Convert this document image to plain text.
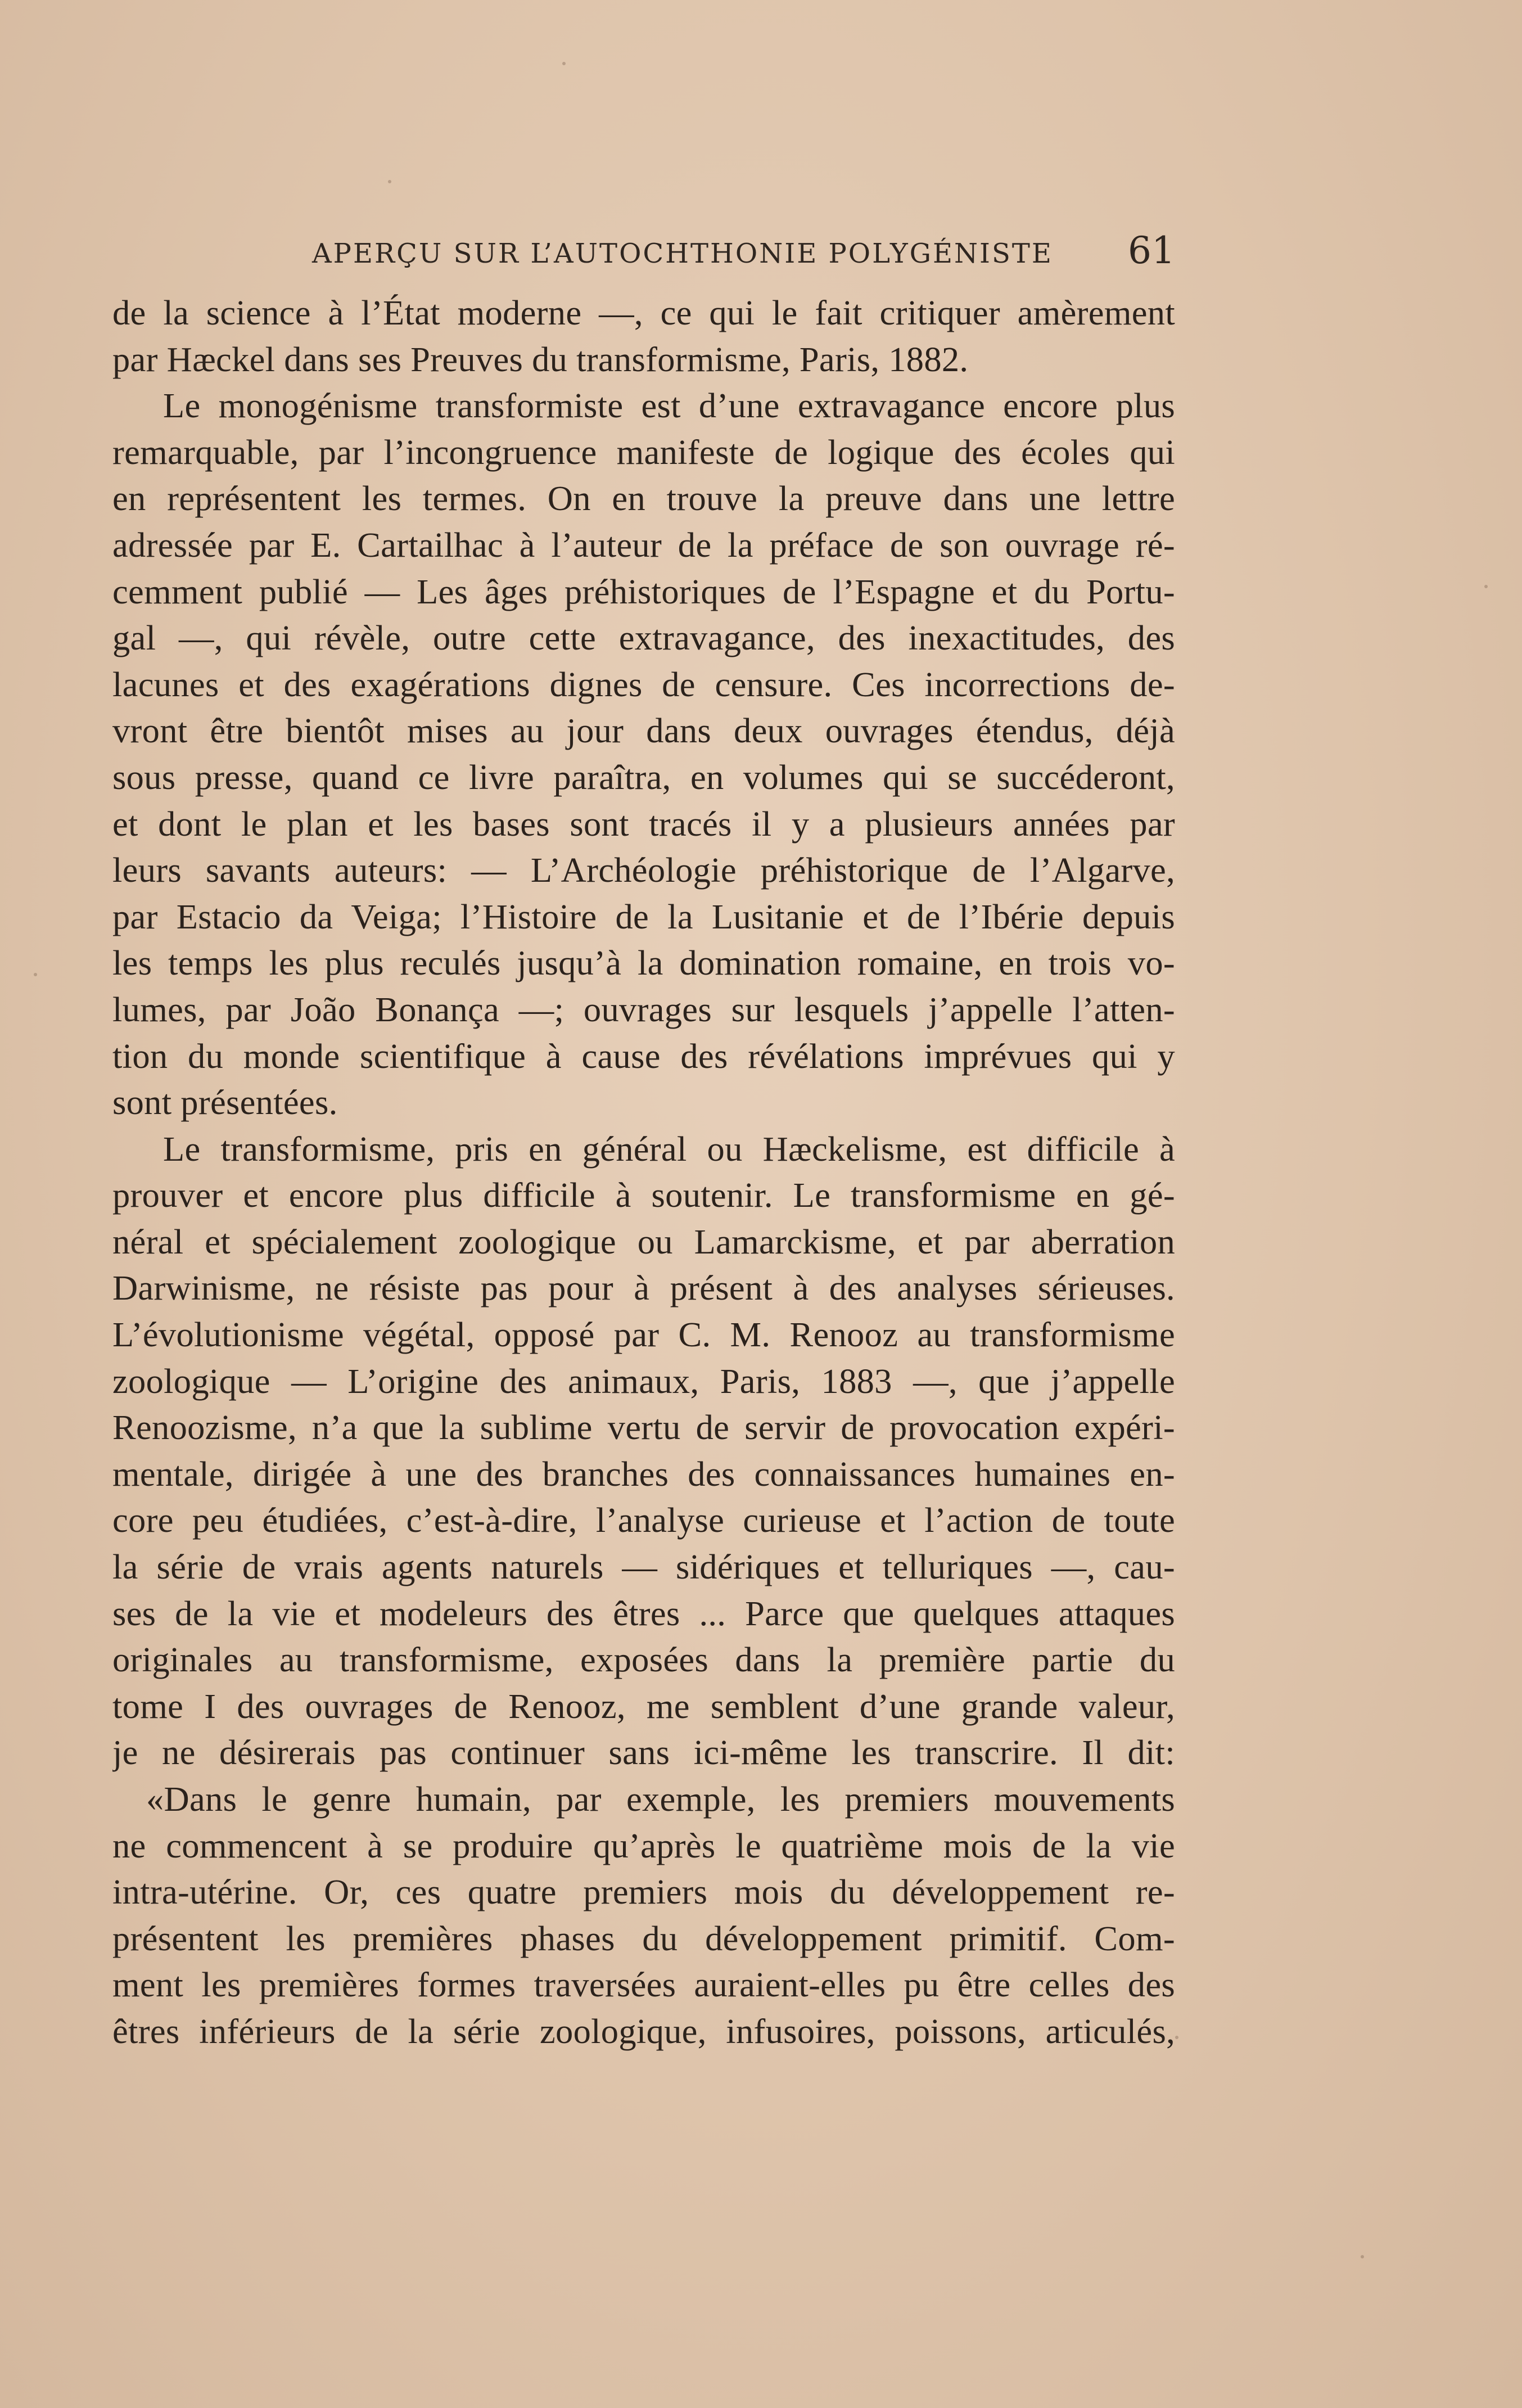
APERÇU SUR L’AUTOCHTHONIE POLYGÉNISTE 61
de la science à l’État moderne —, ce qui le fait critiquer amèrement
par Hæckel dans ses Preuves du transformisme, Paris, 1882.
Le monogénisme transformiste est d’une extravagance encore plus
remarquable, par l’incongruence manifeste de logique des écoles qui
en représentent les termes. On en trouve la preuve dans une lettre
adressée par E. Cartailhac à l’auteur de la préface de son ouvrage ré-
cemment publié — Les âges préhistoriques de l’Espagne et du Portu-
gal —, qui révèle, outre cette extravagance, des inexactitudes, des
lacunes et des exagérations dignes de censure. Ces incorrections de-
vront être bientôt mises au jour dans deux ouvrages étendus, déjà
sous presse, quand ce livre paraîtra, en volumes qui se succéderont,
et dont le plan et les bases sont tracés il y a plusieurs années par
leurs savants auteurs: — L’Archéologie préhistorique de l’Algarve,
par Estacio da Veiga; l’Histoire de la Lusitanie et de l’Ibérie depuis
les temps les plus reculés jusqu’à la domination romaine, en trois vo-
lumes, par João Bonança —; ouvrages sur lesquels j’appelle l’atten-
tion du monde scientifique à cause des révélations imprévues qui y
sont présentées.
Le transformisme, pris en général ou Hæckelisme, est difficile à
prouver et encore plus difficile à soutenir. Le transformisme en gé-
néral et spécialement zoologique ou Lamarckisme, et par aberration
Darwinisme, ne résiste pas pour à présent à des analyses sérieuses.
L’évolutionisme végétal, opposé par C. M. Renooz au transformisme
zoologique — L’origine des animaux, Paris, 1883 —, que j’appelle
Renoozisme, n’a que la sublime vertu de servir de provocation expéri-
mentale, dirigée à une des branches des connaissances humaines en-
core peu étudiées, c’est-à-dire, l’analyse curieuse et l’action de toute
la série de vrais agents naturels — sidériques et telluriques —, cau-
ses de la vie et modeleurs des êtres ... Parce que quelques attaques
originales au transformisme, exposées dans la première partie du
tome I des ouvrages de Renooz, me semblent d’une grande valeur,
je ne désirerais pas continuer sans ici-même les transcrire. Il dit:
«Dans le genre humain, par exemple, les premiers mouvements
ne commencent à se produire qu’après le quatrième mois de la vie
intra-utérine. Or, ces quatre premiers mois du développement re-
présentent les premières phases du développement primitif. Com-
ment les premières formes traversées auraient-elles pu être celles des
êtres inférieurs de la série zoologique, infusoires, poissons, articulés,
